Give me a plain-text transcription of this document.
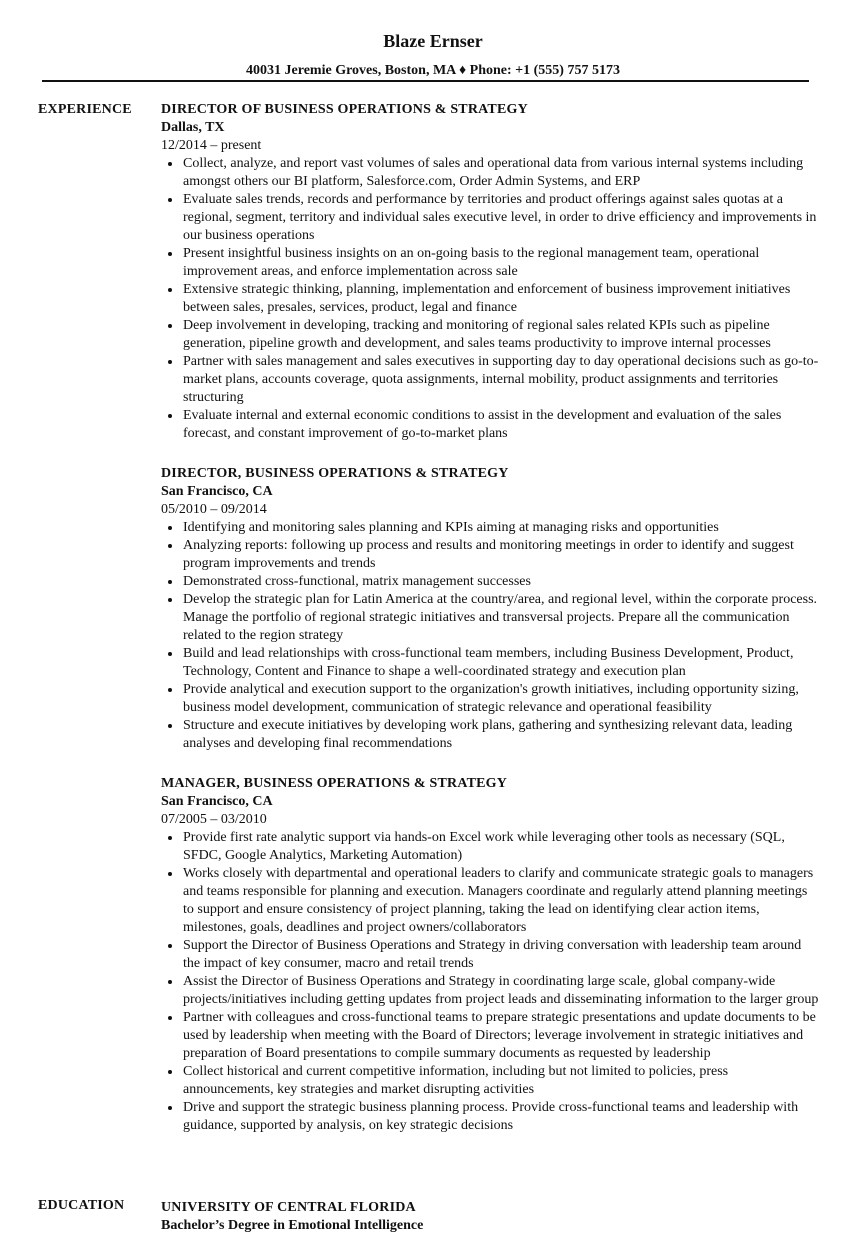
Blaze Ernser
40031 Jeremie Groves, Boston, MA ♦ Phone: +1 (555) 757 5173
EXPERIENCE	DIRECTOR OF BUSINESS OPERATIONS & STRATEGY
Dallas, TX
12/2014 – present
Collect, analyze, and report vast volumes of sales and operational data from various internal systems including amongst others our BI platform, Salesforce.com, Order Admin Systems, and ERP
Evaluate sales trends, records and performance by territories and product offerings against sales quotas at a regional, segment, territory and individual sales executive level, in order to drive efficiency and improvements in our business operations
Present insightful business insights on an on-going basis to the regional management team, operational improvement areas, and enforce implementation across sale
Extensive strategic thinking, planning, implementation and enforcement of business improvement initiatives between sales, presales, services, product, legal and finance
Deep involvement in developing, tracking and monitoring of regional sales related KPIs such as pipeline generation, pipeline growth and development, and sales teams productivity to improve internal processes
Partner with sales management and sales executives in supporting day to day operational decisions such as go-to-market plans, accounts coverage, quota assignments, internal mobility, product assignments and territories structuring
Evaluate internal and external economic conditions to assist in the development and evaluation of the sales forecast, and constant improvement of go-to-market plans
DIRECTOR, BUSINESS OPERATIONS & STRATEGY
San Francisco, CA
05/2010 – 09/2014
Identifying and monitoring sales planning and KPIs aiming at managing risks and opportunities
Analyzing reports: following up process and results and monitoring meetings in order to identify and suggest program improvements and trends
Demonstrated cross-functional, matrix management successes
Develop the strategic plan for Latin America at the country/area, and regional level, within the corporate process. Manage the portfolio of regional strategic initiatives and transversal projects. Prepare all the communication related to the region strategy
Build and lead relationships with cross-functional team members, including Business Development, Product, Technology, Content and Finance to shape a well-coordinated strategy and execution plan
Provide analytical and execution support to the organization's growth initiatives, including opportunity sizing, business model development, communication of strategic relevance and operational feasibility
Structure and execute initiatives by developing work plans, gathering and synthesizing relevant data, leading analyses and developing final recommendations
MANAGER, BUSINESS OPERATIONS & STRATEGY
San Francisco, CA
07/2005 – 03/2010
Provide first rate analytic support via hands-on Excel work while leveraging other tools as necessary (SQL, SFDC, Google Analytics, Marketing Automation)
Works closely with departmental and operational leaders to clarify and communicate strategic goals to managers and teams responsible for planning and execution. Managers coordinate and regularly attend planning meetings to support and ensure consistency of project planning, taking the lead on identifying clear action items, milestones, goals, deadlines and project owners/collaborators
Support the Director of Business Operations and Strategy in driving conversation with leadership team around the impact of key consumer, macro and retail trends
Assist the Director of Business Operations and Strategy in coordinating large scale, global company-wide projects/initiatives including getting updates from project leads and disseminating information to the larger group
Partner with colleagues and cross-functional teams to prepare strategic presentations and update documents to be used by leadership when meeting with the Board of Directors; leverage involvement in strategic initiatives and preparation of Board presentations to compile summary documents as requested by leadership
Collect historical and current competitive information, including but not limited to policies, press announcements, key strategies and market disrupting activities
Drive and support the strategic business planning process. Provide cross-functional teams and leadership with guidance, supported by analysis, on key strategic decisions
EDUCATION	UNIVERSITY OF CENTRAL FLORIDA
Bachelor’s Degree in Emotional Intelligence
